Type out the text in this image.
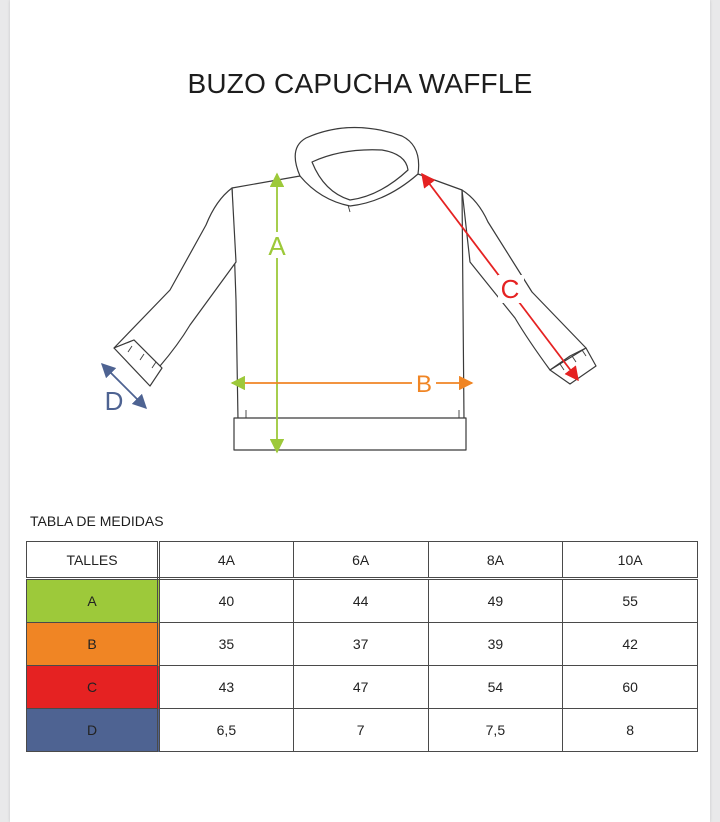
BUZO CAPUCHA WAFFLE
A
B
C
D
TABLA DE MEDIDAS
TALLES	4A	6A	8A	10A
A	40	44	49	55
B	35	37	39	42
C	43	47	54	60
D	6,5	7	7,5	8
